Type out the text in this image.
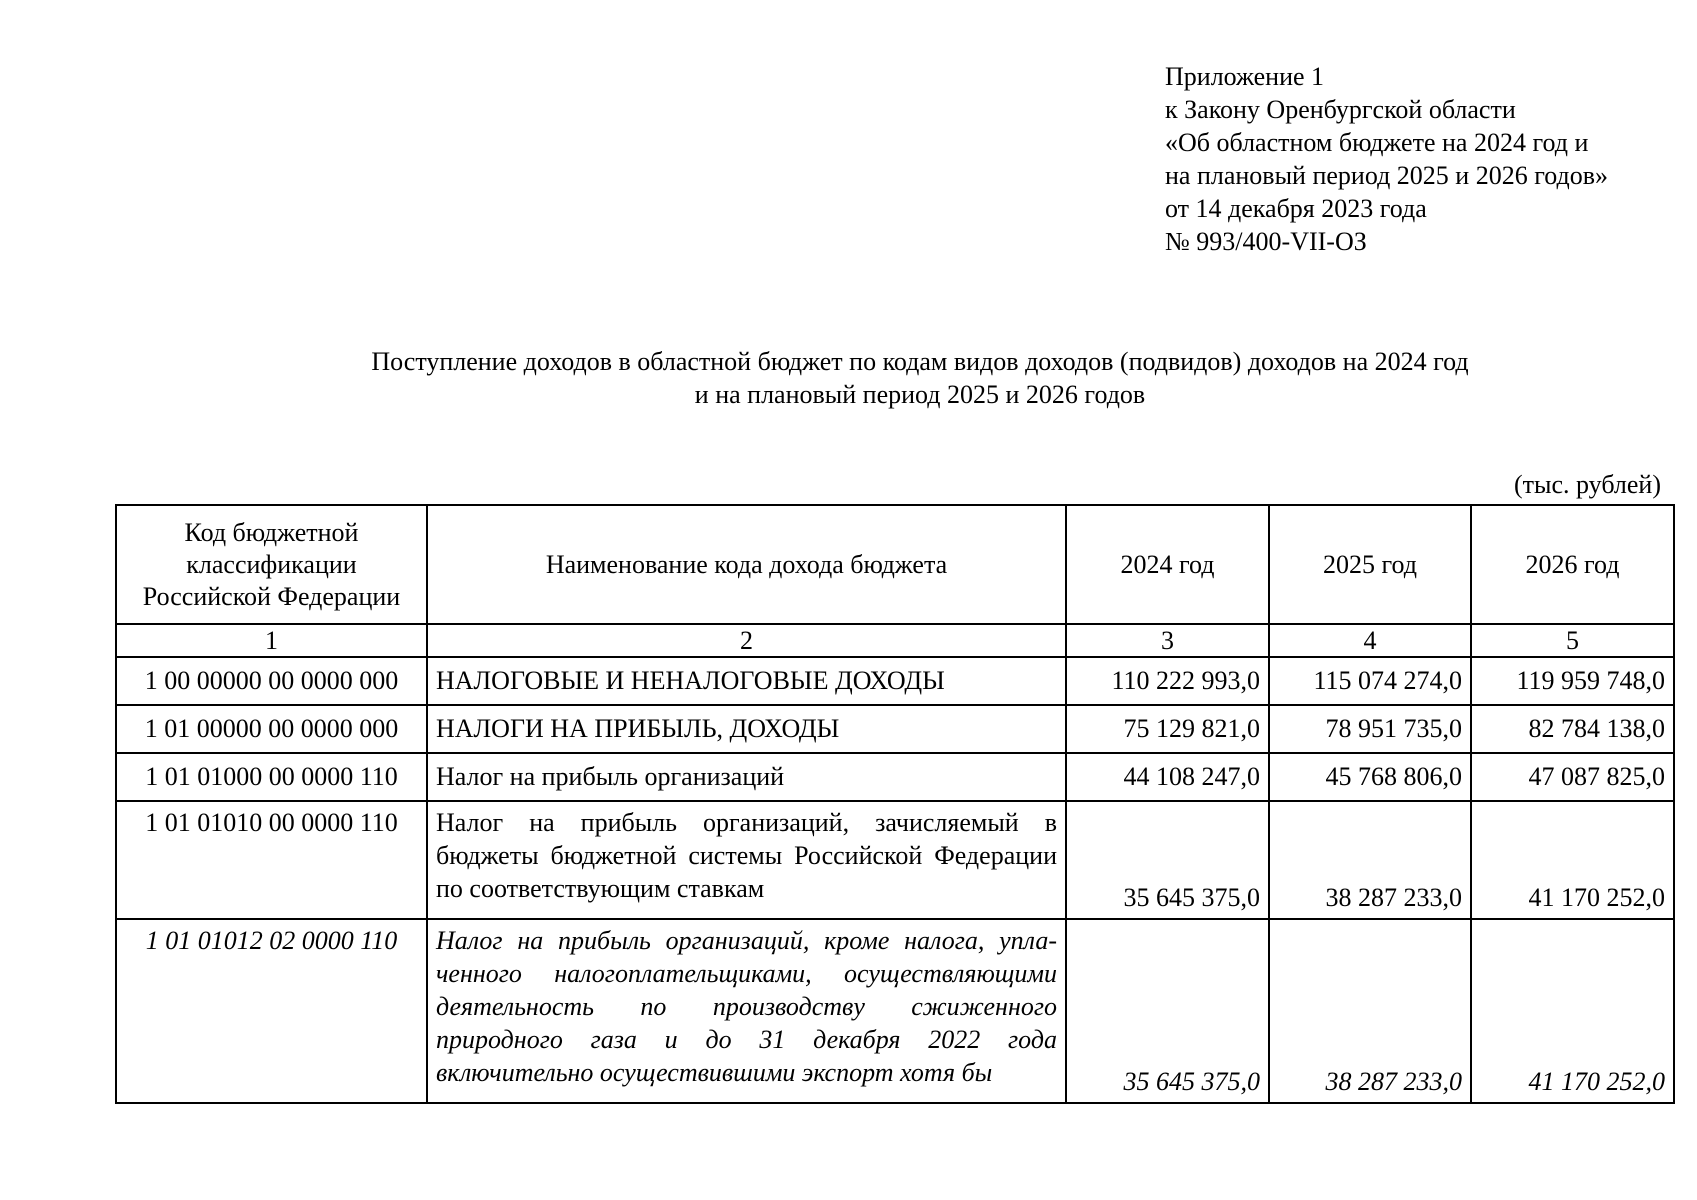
Приложение 1
к Закону Оренбургской области
«Об областном бюджете на 2024 год и
на плановый период 2025 и 2026 годов»
от 14 декабря 2023 года
№ 993/400-VII-ОЗ
Поступление доходов в областной бюджет по кодам видов доходов (подвидов) доходов на 2024 год
и на плановый период 2025 и 2026 годов
(тыс. рублей)
Код бюджетной классификации Российской Федерации	Наименование кода дохода бюджета	2024 год	2025 год	2026 год
1	2	3	4	5
1 00 00000 00 0000 000	НАЛОГОВЫЕ И НЕНАЛОГОВЫЕ ДОХОДЫ	110 222 993,0	115 074 274,0	119 959 748,0
1 01 00000 00 0000 000	НАЛОГИ НА ПРИБЫЛЬ, ДОХОДЫ	75 129 821,0	78 951 735,0	82 784 138,0
1 01 01000 00 0000 110	Налог на прибыль организаций	44 108 247,0	45 768 806,0	47 087 825,0
1 01 01010 00 0000 110	Налог на прибыль организаций, зачисляемый в бюджеты бюджетной системы Российской Федерации по соответствующим ставкам	35 645 375,0	38 287 233,0	41 170 252,0
1 01 01012 02 0000 110	Налог на прибыль организаций, кроме налога, уплаченного налогоплательщиками, осуществляющими деятельность по производству сжиженного природного газа и до 31 декабря 2022 года включительно осуществившими экспорт хотя бы	35 645 375,0	38 287 233,0	41 170 252,0
